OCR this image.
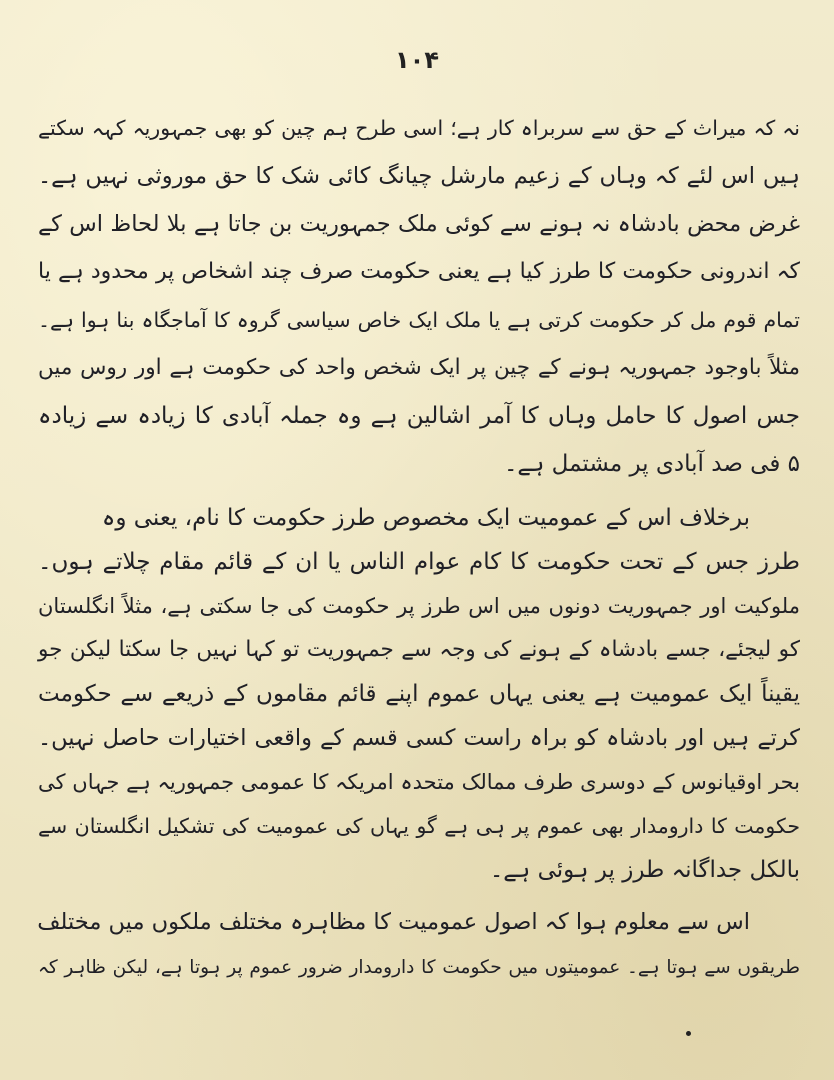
۱۰۴
نہ کہ میراث کے حق سے سربراہ کار ہے؛ اسی طرح ہم چین کو بھی جمہوریہ کہہ سکتے
ہیں اس لئے کہ وہاں کے زعیم مارشل چیانگ کائی شک کا حق موروثی نہیں ہے۔
غرض محض بادشاہ نہ ہونے سے کوئی ملک جمہوریت بن جاتا ہے بلا لحاظ اس کے
کہ اندرونی حکومت کا طرز کیا ہے یعنی حکومت صرف چند اشخاص پر محدود ہے یا
تمام قوم مل کر حکومت کرتی ہے یا ملک ایک خاص سیاسی گروہ کا آماجگاہ بنا ہوا ہے۔
مثلاً باوجود جمہوریہ ہونے کے چین پر ایک شخص واحد کی حکومت ہے اور روس میں
جس اصول کا حامل وہاں کا آمر اشالین ہے وہ جملہ آبادی کا زیادہ سے زیادہ
۵ فی صد آبادی پر مشتمل ہے۔
برخلاف اس کے عمومیت ایک مخصوص طرز حکومت کا نام، یعنی وہ
طرز جس کے تحت حکومت کا کام عوام الناس یا ان کے قائم مقام چلاتے ہوں۔
ملوکیت اور جمہوریت دونوں میں اس طرز پر حکومت کی جا سکتی ہے، مثلاً انگلستان
کو لیجئے، جسے بادشاہ کے ہونے کی وجہ سے جمہوریت تو کہا نہیں جا سکتا لیکن جو
یقیناً ایک عمومیت ہے یعنی یہاں عموم اپنے قائم مقاموں کے ذریعے سے حکومت
کرتے ہیں اور بادشاہ کو براہ راست کسی قسم کے واقعی اختیارات حاصل نہیں۔
بحر اوقیانوس کے دوسری طرف ممالک متحدہ امریکہ کا عمومی جمہوریہ ہے جہاں کی
حکومت کا دارومدار بھی عموم پر ہی ہے گو یہاں کی عمومیت کی تشکیل انگلستان سے
بالکل جداگانہ طرز پر ہوئی ہے۔
اس سے معلوم ہوا کہ اصول عمومیت کا مظاہرہ مختلف ملکوں میں مختلف
طریقوں سے ہوتا ہے۔ عمومیتوں میں حکومت کا دارومدار ضرور عموم پر ہوتا ہے، لیکن ظاہر کہ
